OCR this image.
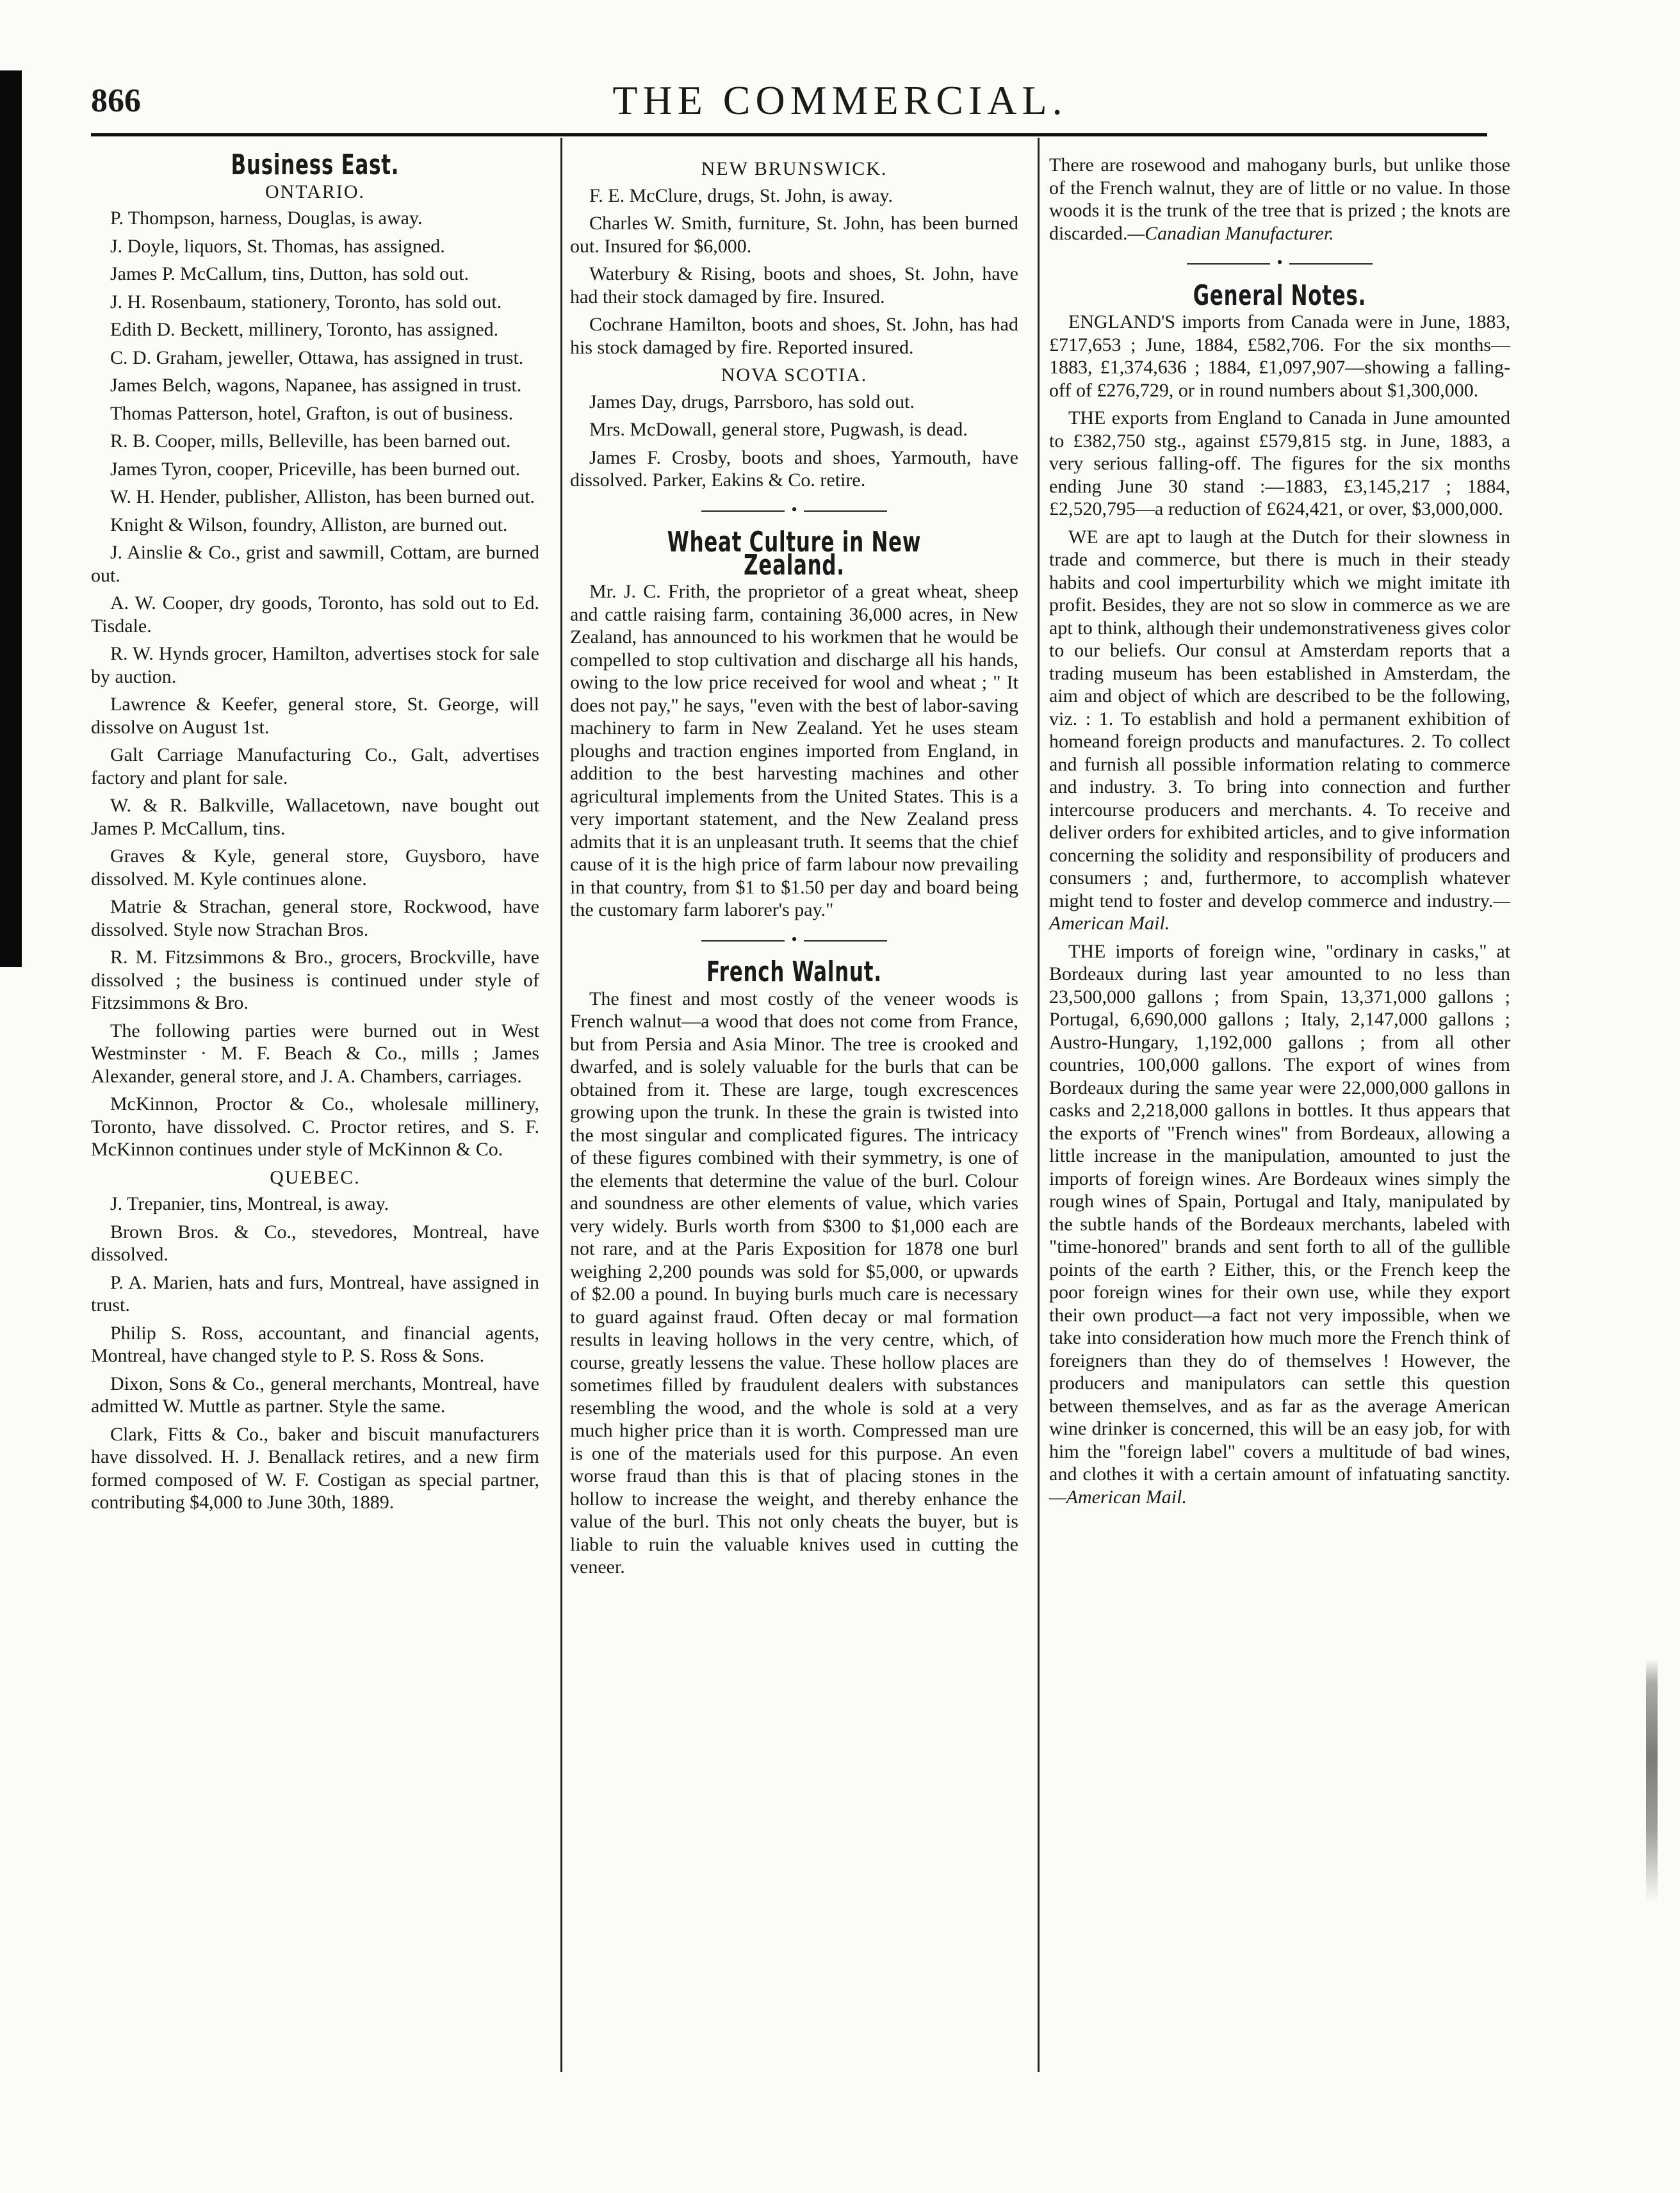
866	THE COMMERCIAL.
Business East.
ONTARIO.
P. Thompson, harness, Douglas, is away.
J. Doyle, liquors, St. Thomas, has assigned.
James P. McCallum, tins, Dutton, has sold out.
J. H. Rosenbaum, stationery, Toronto, has sold out.
Edith D. Beckett, millinery, Toronto, has assigned.
C. D. Graham, jeweller, Ottawa, has assigned in trust.
James Belch, wagons, Napanee, has assigned in trust.
Thomas Patterson, hotel, Grafton, is out of business.
R. B. Cooper, mills, Belleville, has been barned out.
James Tyron, cooper, Priceville, has been burned out.
W. H. Hender, publisher, Alliston, has been burned out.
Knight & Wilson, foundry, Alliston, are burned out.
J. Ainslie & Co., grist and sawmill, Cottam, are burned out.
A. W. Cooper, dry goods, Toronto, has sold out to Ed. Tisdale.
R. W. Hynds grocer, Hamilton, advertises stock for sale by auction.
Lawrence & Keefer, general store, St. George, will dissolve on August 1st.
Galt Carriage Manufacturing Co., Galt, advertises factory and plant for sale.
W. & R. Balkville, Wallacetown, nave bought out James P. McCallum, tins.
Graves & Kyle, general store, Guysboro, have dissolved. M. Kyle continues alone.
Matrie & Strachan, general store, Rockwood, have dissolved. Style now Strachan Bros.
R. M. Fitzsimmons & Bro., grocers, Brockville, have dissolved ; the business is continued under style of Fitzsimmons & Bro.
The following parties were burned out in West Westminster · M. F. Beach & Co., mills ; James Alexander, general store, and J. A. Chambers, carriages.
McKinnon, Proctor & Co., wholesale millinery, Toronto, have dissolved. C. Proctor retires, and S. F. McKinnon continues under style of McKinnon & Co.
QUEBEC.
J. Trepanier, tins, Montreal, is away.
Brown Bros. & Co., stevedores, Montreal, have dissolved.
P. A. Marien, hats and furs, Montreal, have assigned in trust.
Philip S. Ross, accountant, and financial agents, Montreal, have changed style to P. S. Ross & Sons.
Dixon, Sons & Co., general merchants, Montreal, have admitted W. Muttle as partner. Style the same.
Clark, Fitts & Co., baker and biscuit manufacturers have dissolved. H. J. Benallack retires, and a new firm formed composed of W. F. Costigan as special partner, contributing $4,000 to June 30th, 1889.
NEW BRUNSWICK.
F. E. McClure, drugs, St. John, is away.
Charles W. Smith, furniture, St. John, has been burned out. Insured for $6,000.
Waterbury & Rising, boots and shoes, St. John, have had their stock damaged by fire. Insured.
Cochrane Hamilton, boots and shoes, St. John, has had his stock damaged by fire. Reported insured.
NOVA SCOTIA.
James Day, drugs, Parrsboro, has sold out.
Mrs. McDowall, general store, Pugwash, is dead.
James F. Crosby, boots and shoes, Yarmouth, have dissolved. Parker, Eakins & Co. retire.
•
Wheat Culture in New Zealand.
Mr. J. C. Frith, the proprietor of a great wheat, sheep and cattle raising farm, containing 36,000 acres, in New Zealand, has announced to his workmen that he would be compelled to stop cultivation and discharge all his hands, owing to the low price received for wool and wheat ; " It does not pay," he says, "even with the best of labor-saving machinery to farm in New Zealand. Yet he uses steam ploughs and traction engines imported from England, in addition to the best harvesting machines and other agricultural implements from the United States. This is a very important statement, and the New Zealand press admits that it is an unpleasant truth. It seems that the chief cause of it is the high price of farm labour now prevailing in that country, from $1 to $1.50 per day and board being the customary farm laborer's pay."
•
French Walnut.
The finest and most costly of the veneer woods is French walnut—a wood that does not come from France, but from Persia and Asia Minor. The tree is crooked and dwarfed, and is solely valuable for the burls that can be obtained from it. These are large, tough excrescences growing upon the trunk. In these the grain is twisted into the most singular and complicated figures. The intricacy of these figures combined with their symmetry, is one of the elements that determine the value of the burl. Colour and soundness are other elements of value, which varies very widely. Burls worth from $300 to $1,000 each are not rare, and at the Paris Exposition for 1878 one burl weighing 2,200 pounds was sold for $5,000, or upwards of $2.00 a pound. In buying burls much care is necessary to guard against fraud. Often decay or mal formation results in leaving hollows in the very centre, which, of course, greatly lessens the value. These hollow places are sometimes filled by fraudulent dealers with substances resembling the wood, and the whole is sold at a very much higher price than it is worth. Compressed man ure is one of the materials used for this purpose. An even worse fraud than this is that of placing stones in the hollow to increase the weight, and thereby enhance the value of the burl. This not only cheats the buyer, but is liable to ruin the valuable knives used in cutting the veneer.
There are rosewood and mahogany burls, but unlike those of the French walnut, they are of little or no value. In those woods it is the trunk of the tree that is prized ; the knots are discarded.—Canadian Manufacturer.
•
General Notes.
ENGLAND'S imports from Canada were in June, 1883, £717,653 ; June, 1884, £582,706. For the six months—1883, £1,374,636 ; 1884, £1,097,907—showing a falling-off of £276,729, or in round numbers about $1,300,000.
THE exports from England to Canada in June amounted to £382,750 stg., against £579,815 stg. in June, 1883, a very serious falling-off. The figures for the six months ending June 30 stand :—1883, £3,145,217 ; 1884, £2,520,795—a reduction of £624,421, or over, $3,000,000.
WE are apt to laugh at the Dutch for their slowness in trade and commerce, but there is much in their steady habits and cool imperturbility which we might imitate ith profit. Besides, they are not so slow in commerce as we are apt to think, although their undemonstrativeness gives color to our beliefs. Our consul at Amsterdam reports that a trading museum has been established in Amsterdam, the aim and object of which are described to be the following, viz. : 1. To establish and hold a permanent exhibition of homeand foreign products and manufactures. 2. To collect and furnish all possible information relating to commerce and industry. 3. To bring into connection and further intercourse producers and merchants. 4. To receive and deliver orders for exhibited articles, and to give information concerning the solidity and responsibility of producers and consumers ; and, furthermore, to accomplish whatever might tend to foster and develop commerce and industry.—American Mail.
THE imports of foreign wine, "ordinary in casks," at Bordeaux during last year amounted to no less than 23,500,000 gallons ; from Spain, 13,371,000 gallons ; Portugal, 6,690,000 gallons ; Italy, 2,147,000 gallons ; Austro-Hungary, 1,192,000 gallons ; from all other countries, 100,000 gallons. The export of wines from Bordeaux during the same year were 22,000,000 gallons in casks and 2,218,000 gallons in bottles. It thus appears that the exports of "French wines" from Bordeaux, allowing a little increase in the manipulation, amounted to just the imports of foreign wines. Are Bordeaux wines simply the rough wines of Spain, Portugal and Italy, manipulated by the subtle hands of the Bordeaux merchants, labeled with "time-honored" brands and sent forth to all of the gullible points of the earth ? Either, this, or the French keep the poor foreign wines for their own use, while they export their own product—a fact not very impossible, when we take into consideration how much more the French think of foreigners than they do of themselves ! However, the producers and manipulators can settle this question between themselves, and as far as the average American wine drinker is concerned, this will be an easy job, for with him the "foreign label" covers a multitude of bad wines, and clothes it with a certain amount of infatuating sanctity.—American Mail.
